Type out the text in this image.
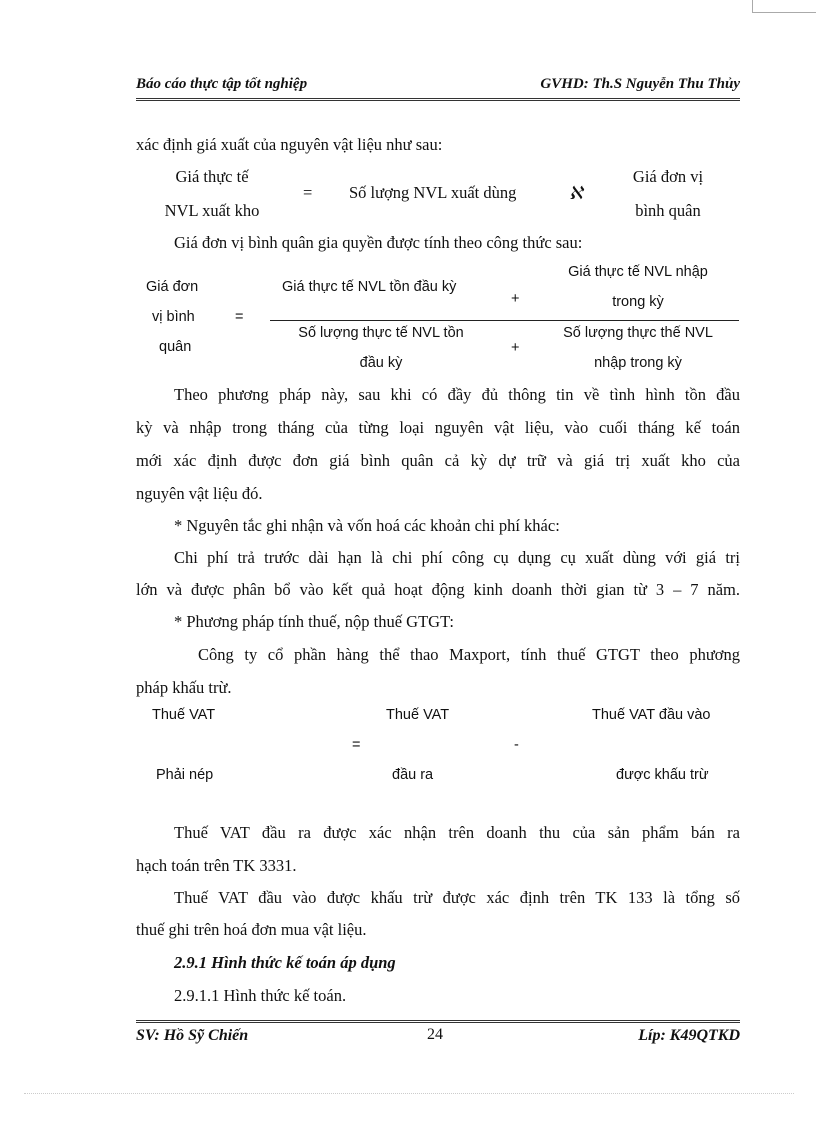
Báo cáo thực tập tốt nghiệp	GVHD: Th.S Nguyễn Thu Thủy
xác định giá xuất của nguyên vật liệu như sau:
Giá thực tế
NVL xuất kho
= Số lượng NVL xuất dùng	ℵ
Giá đơn vị
bình quân
Giá đơn vị bình quân gia quyền được tính theo công thức sau:
Giá đơn
vị bình
quân
=
Giá thực tế NVL tồn đầu kỳ
+
Giá thực tế NVL nhập
trong kỳ
Số lượng thực tế NVL tồn
đầu kỳ
+
Số lượng thực thế NVL
nhập trong kỳ
Theo phương pháp này, sau khi có đầy đủ thông tin về tình hình tồn đầu
kỳ và nhập trong tháng của từng loại nguyên vật liệu, vào cuối tháng kế toán
mới xác định được đơn giá bình quân cả kỳ dự trữ và giá trị xuất kho của
nguyên vật liệu đó.
* Nguyên tắc ghi nhận và vốn hoá các khoản chi phí khác:
Chi phí trả trước dài hạn là chi phí công cụ dụng cụ xuất dùng với giá trị
lớn và được phân bổ vào kết quả hoạt động kinh doanh thời gian từ 3 – 7 năm.
* Phương pháp tính thuế, nộp thuế GTGT:
Công ty cổ phần hàng thể thao Maxport, tính thuế GTGT theo phương
pháp khấu trừ.
Thuế VAT
Phải nép
=
Thuế VAT
đầu ra
-
Thuế VAT đầu vào
được khấu trừ
Thuế VAT đầu ra được xác nhận trên doanh thu của sản phẩm bán ra
hạch toán trên TK 3331.
Thuế VAT đầu vào được khấu trừ được xác định trên TK 133 là tổng số
thuế ghi trên hoá đơn mua vật liệu.
2.9.1 Hình thức kế toán áp dụng
2.9.1.1 Hình thức kế toán.
SV: Hồ Sỹ Chiến	24	Líp: K49QTKD
